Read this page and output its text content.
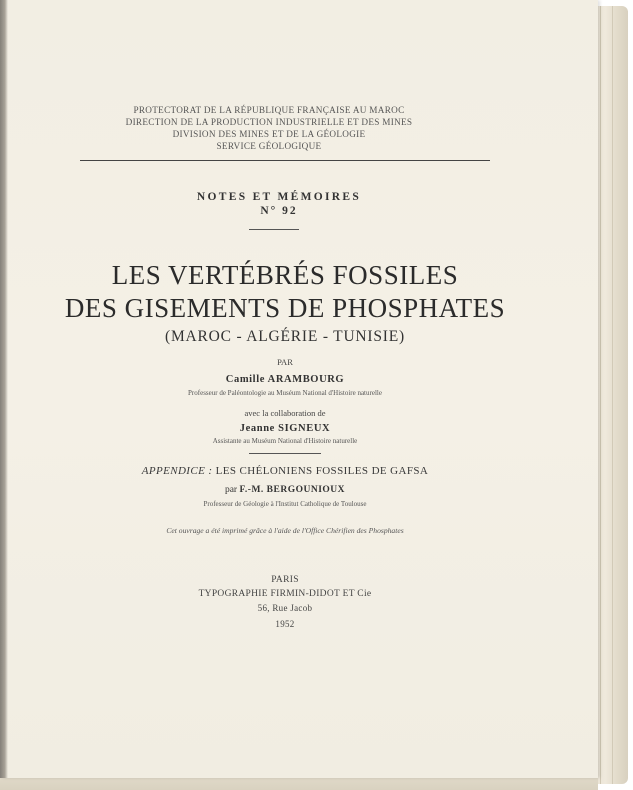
PROTECTORAT DE LA RÉPUBLIQUE FRANÇAISE AU MAROC
DIRECTION DE LA PRODUCTION INDUSTRIELLE ET DES MINES
DIVISION DES MINES ET DE LA GÉOLOGIE
SERVICE GÉOLOGIQUE
NOTES ET MÉMOIRES
N° 92
LES VERTÉBRÉS FOSSILES
DES GISEMENTS DE PHOSPHATES
(MAROC - ALGÉRIE - TUNISIE)
PAR
Camille ARAMBOURG
Professeur de Paléontologie au Muséum National d'Histoire naturelle
avec la collaboration de
Jeanne SIGNEUX
Assistante au Muséum National d'Histoire naturelle
APPENDICE : LES CHÉLONIENS FOSSILES DE GAFSA
par F.-M. BERGOUNIOUX
Professeur de Géologie à l'Institut Catholique de Toulouse
Cet ouvrage a été imprimé grâce à l'aide de l'Office Chérifien des Phosphates
PARIS
TYPOGRAPHIE FIRMIN-DIDOT ET Cie
56, Rue Jacob
1952
